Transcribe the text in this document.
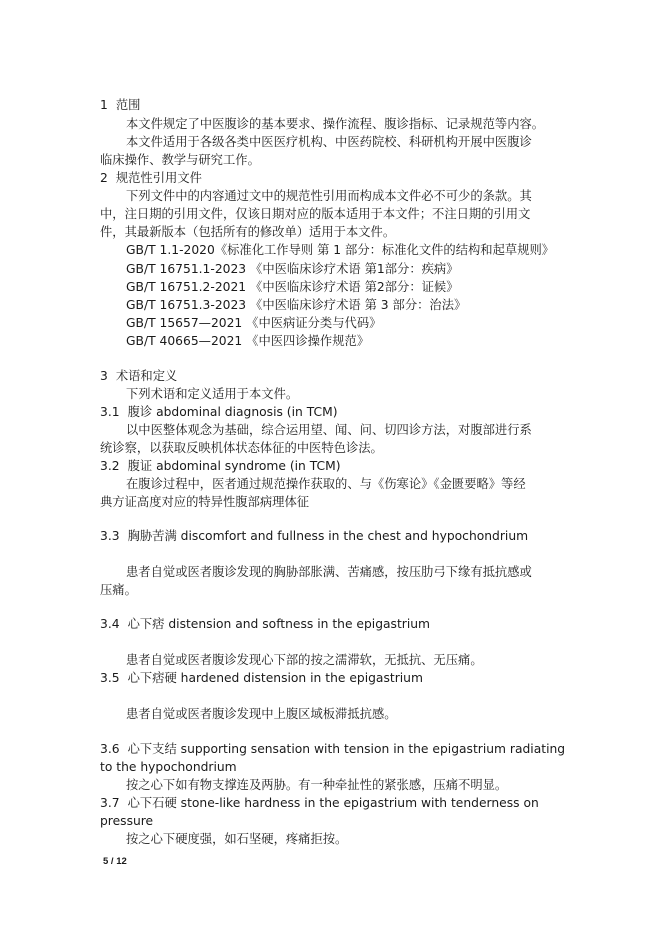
1 范围
本文件规定了中医腹诊的基本要求、操作流程、腹诊指标、记录规范等内容。
本文件适用于各级各类中医医疗机构、中医药院校、科研机构开展中医腹诊
临床操作、教学与研究工作。
2 规范性引用文件
下列文件中的内容通过文中的规范性引用而构成本文件必不可少的条款。其
中，注日期的引用文件，仅该日期对应的版本适用于本文件；不注日期的引用文
件，其最新版本（包括所有的修改单）适用于本文件。
GB/T 1.1-2020《标准化工作导则 第 1 部分：标准化文件的结构和起草规则》
GB/T 16751.1-2023 《中医临床诊疗术语 第1部分：疾病》
GB/T 16751.2-2021 《中医临床诊疗术语 第2部分：证候》
GB/T 16751.3-2023 《中医临床诊疗术语 第 3 部分：治法》
GB/T 15657—2021 《中医病证分类与代码》
GB/T 40665—2021 《中医四诊操作规范》
3 术语和定义
下列术语和定义适用于本文件。
3.1 腹诊 abdominal diagnosis (in TCM)
以中医整体观念为基础，综合运用望、闻、问、切四诊方法，对腹部进行系
统诊察，以获取反映机体状态体征的中医特色诊法。
3.2 腹证 abdominal syndrome (in TCM)
在腹诊过程中，医者通过规范操作获取的、与《伤寒论》《金匮要略》等经
典方证高度对应的特异性腹部病理体征
3.3 胸胁苦满 discomfort and fullness in the chest and hypochondrium
患者自觉或医者腹诊发现的胸胁部胀满、苦痛感，按压肋弓下缘有抵抗感或
压痛。
3.4 心下痞 distension and softness in the epigastrium
患者自觉或医者腹诊发现心下部的按之濡滞软，无抵抗、无压痛。
3.5 心下痞硬 hardened distension in the epigastrium
患者自觉或医者腹诊发现中上腹区域板滞抵抗感。
3.6 心下支结 supporting sensation with tension in the epigastrium radiating
to the hypochondrium
按之心下如有物支撑连及两胁。有一种牵扯性的紧张感，压痛不明显。
3.7 心下石硬 stone-like hardness in the epigastrium with tenderness on
pressure
按之心下硬度强，如石坚硬，疼痛拒按。
5 / 12
